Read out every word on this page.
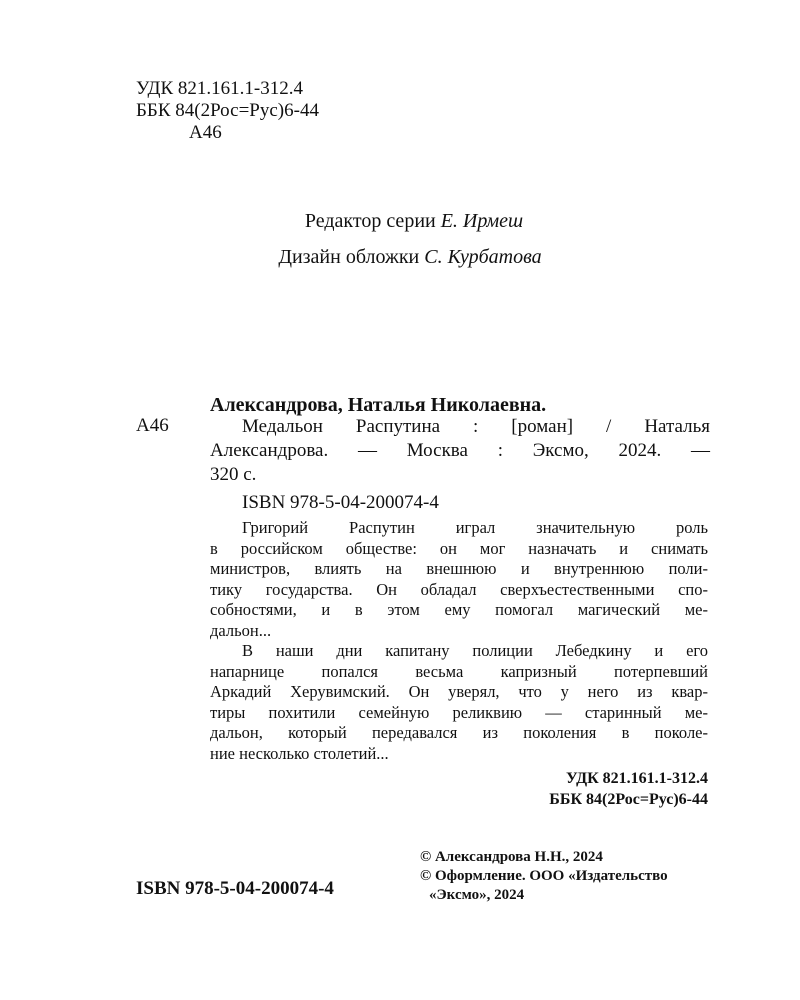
УДК 821.161.1-312.4
ББК 84(2Рос=Рус)6-44
А46
Редактор серии Е. Ирмеш
Дизайн обложки С. Курбатова
Александрова, Наталья Николаевна.
А46	Медальон Распутина : [роман] / Наталья
Александрова. — Москва : Эксмо, 2024. —
320 с.
ISBN 978-5-04-200074-4
Григорий Распутин играл значительную роль
в российском обществе: он мог назначать и снимать
министров, влиять на внешнюю и внутреннюю поли-
тику государства. Он обладал сверхъестественными спо-
собностями, и в этом ему помогал магический ме-
дальон...
В наши дни капитану полиции Лебедкину и его
напарнице попался весьма капризный потерпевший
Аркадий Херувимский. Он уверял, что у него из квар-
тиры похитили семейную реликвию — старинный ме-
дальон, который передавался из поколения в поколе-
ние несколько столетий...
УДК 821.161.1-312.4
ББК 84(2Рос=Рус)6-44
ISBN 978-5-04-200074-4
© Александрова Н.Н., 2024
© Оформление. ООО «Издательство
«Эксмо», 2024
